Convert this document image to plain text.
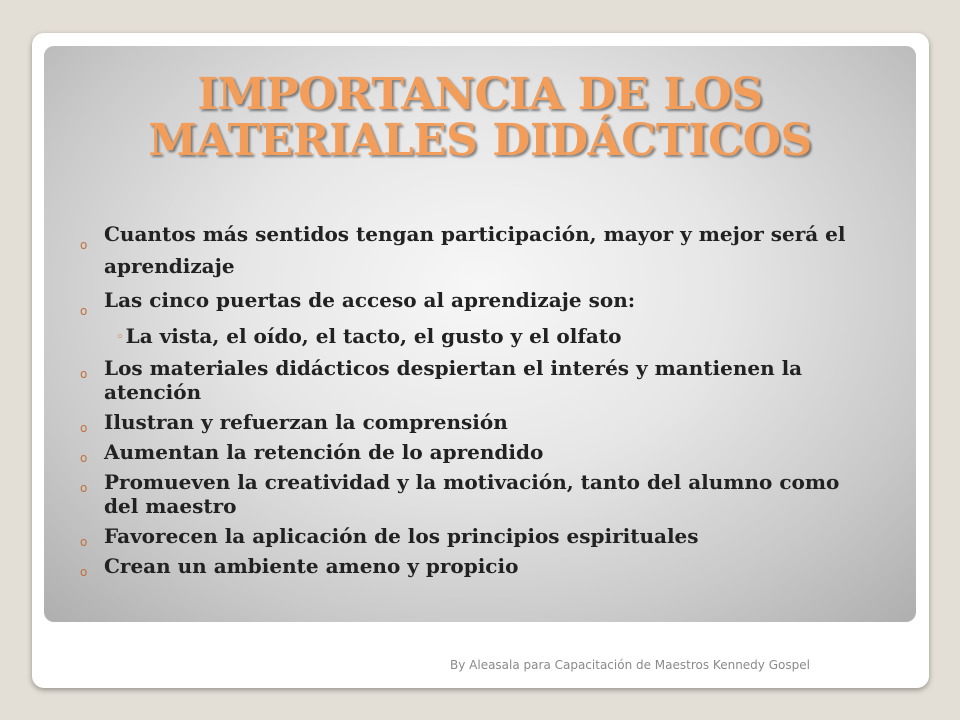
IMPORTANCIA DE LOS
MATERIALES DIDÁCTICOS
o Cuantos más sentidos tengan participación, mayor y mejor será el aprendizaje
o Las cinco puertas de acceso al aprendizaje son:
◦ La vista, el oído, el tacto, el gusto y el olfato
o Los materiales didácticos despiertan el interés y mantienen la atención
o Ilustran y refuerzan la comprensión
o Aumentan la retención de lo aprendido
o Promueven la creatividad y la motivación, tanto del alumno como del maestro
o Favorecen la aplicación de los principios espirituales
o Crean un ambiente ameno y propicio
By Aleasala para Capacitación de Maestros Kennedy Gospel
